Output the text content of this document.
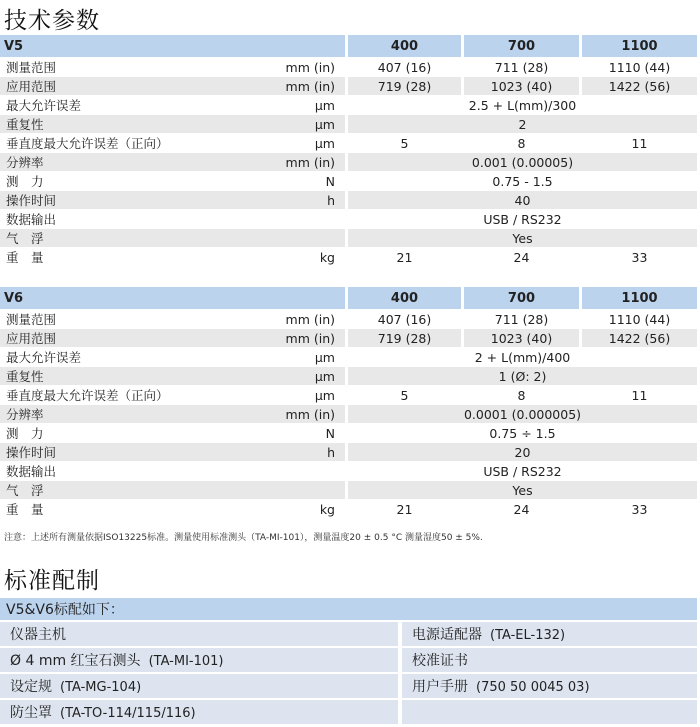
技术参数
V5		400	700	1100
测量范围	mm (in)	407 (16)	711 (28)	1110 (44)
应用范围	mm (in)	719 (28)	1023 (40)	1422 (56)
最大允许误差	μm	2.5 + L(mm)/300		
重复性	μm	2		
垂直度最大允许误差（正向）	μm	5	8	11
分辨率	mm (in)	0.001 (0.00005)		
测　力	N	0.75 - 1.5		
操作时间	h	40		
数据输出		USB / RS232		
气　浮		Yes		
重　量	kg	21	24	33
V6		400	700	1100
测量范围	mm (in)	407 (16)	711 (28)	1110 (44)
应用范围	mm (in)	719 (28)	1023 (40)	1422 (56)
最大允许误差	μm	2 + L(mm)/400		
重复性	μm	1 (Ø: 2)		
垂直度最大允许误差（正向）	μm	5	8	11
分辨率	mm (in)	0.0001 (0.000005)		
测　力	N	0.75 ÷ 1.5		
操作时间	h	20		
数据输出		USB / RS232		
气　浮		Yes		
重　量	kg	21	24	33
注意：上述所有测量依据ISO13225标准。测量使用标准测头（TA-MI-101），测量温度20 ± 0.5 °C 测量湿度50 ± 5%.
标准配制
V5&V6标配如下：	
仪器主机	电源适配器 (TA-EL-132)
Ø 4 mm 红宝石测头 (TA-MI-101)	校准证书
设定规 (TA-MG-104)	用户手册 (750 50 0045 03)
防尘罩 (TA-TO-114/115/116)	
